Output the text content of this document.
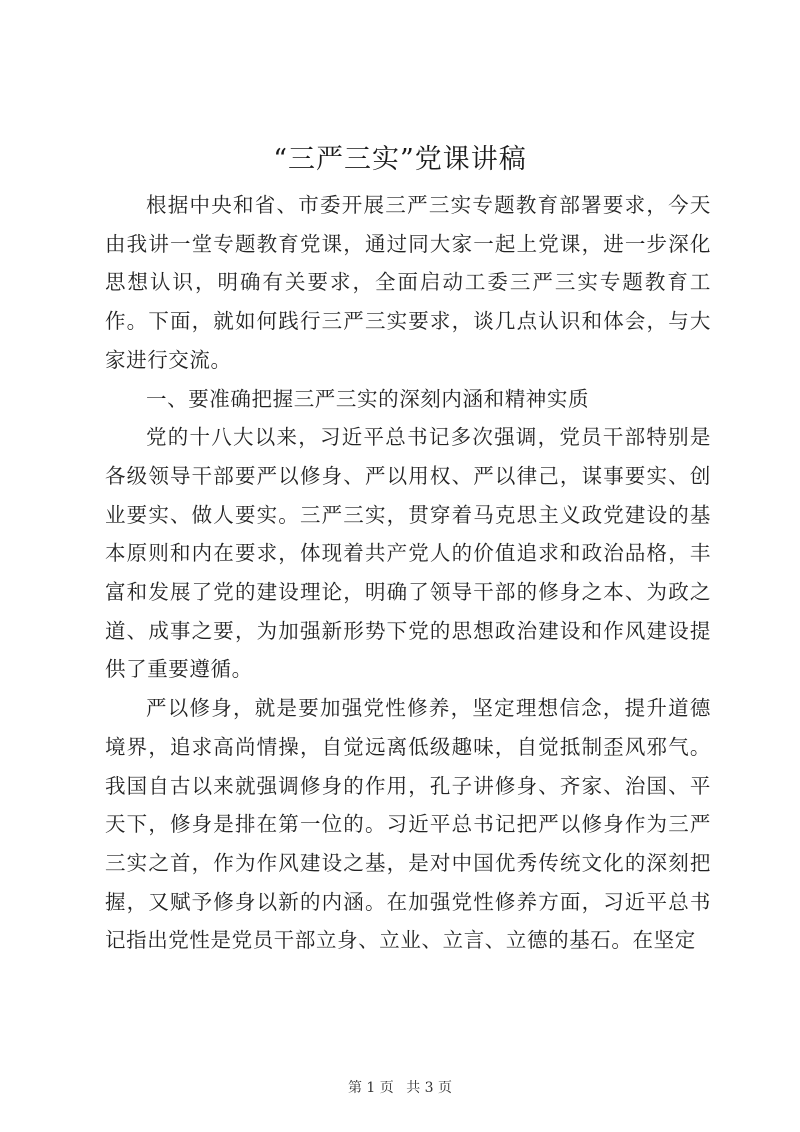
“三严三实”党课讲稿

根据中央和省、市委开展三严三实专题教育部署要求，今天由我讲一堂专题教育党课，通过同大家一起上党课，进一步深化思想认识，明确有关要求，全面启动工委三严三实专题教育工作。下面，就如何践行三严三实要求，谈几点认识和体会，与大家进行交流。

一、要准确把握三严三实的深刻内涵和精神实质

党的十八大以来，习近平总书记多次强调，党员干部特别是各级领导干部要严以修身、严以用权、严以律己，谋事要实、创业要实、做人要实。三严三实，贯穿着马克思主义政党建设的基本原则和内在要求，体现着共产党人的价值追求和政治品格，丰富和发展了党的建设理论，明确了领导干部的修身之本、为政之道、成事之要，为加强新形势下党的思想政治建设和作风建设提供了重要遵循。

严以修身，就是要加强党性修养，坚定理想信念，提升道德境界，追求高尚情操，自觉远离低级趣味，自觉抵制歪风邪气。我国自古以来就强调修身的作用，孔子讲修身、齐家、治国、平天下，修身是排在第一位的。习近平总书记把严以修身作为三严三实之首，作为作风建设之基，是对中国优秀传统文化的深刻把握，又赋予修身以新的内涵。在加强党性修养方面，习近平总书记指出党性是党员干部立身、立业、立言、立德的基石。在坚定

第 1 页 共 3 页
